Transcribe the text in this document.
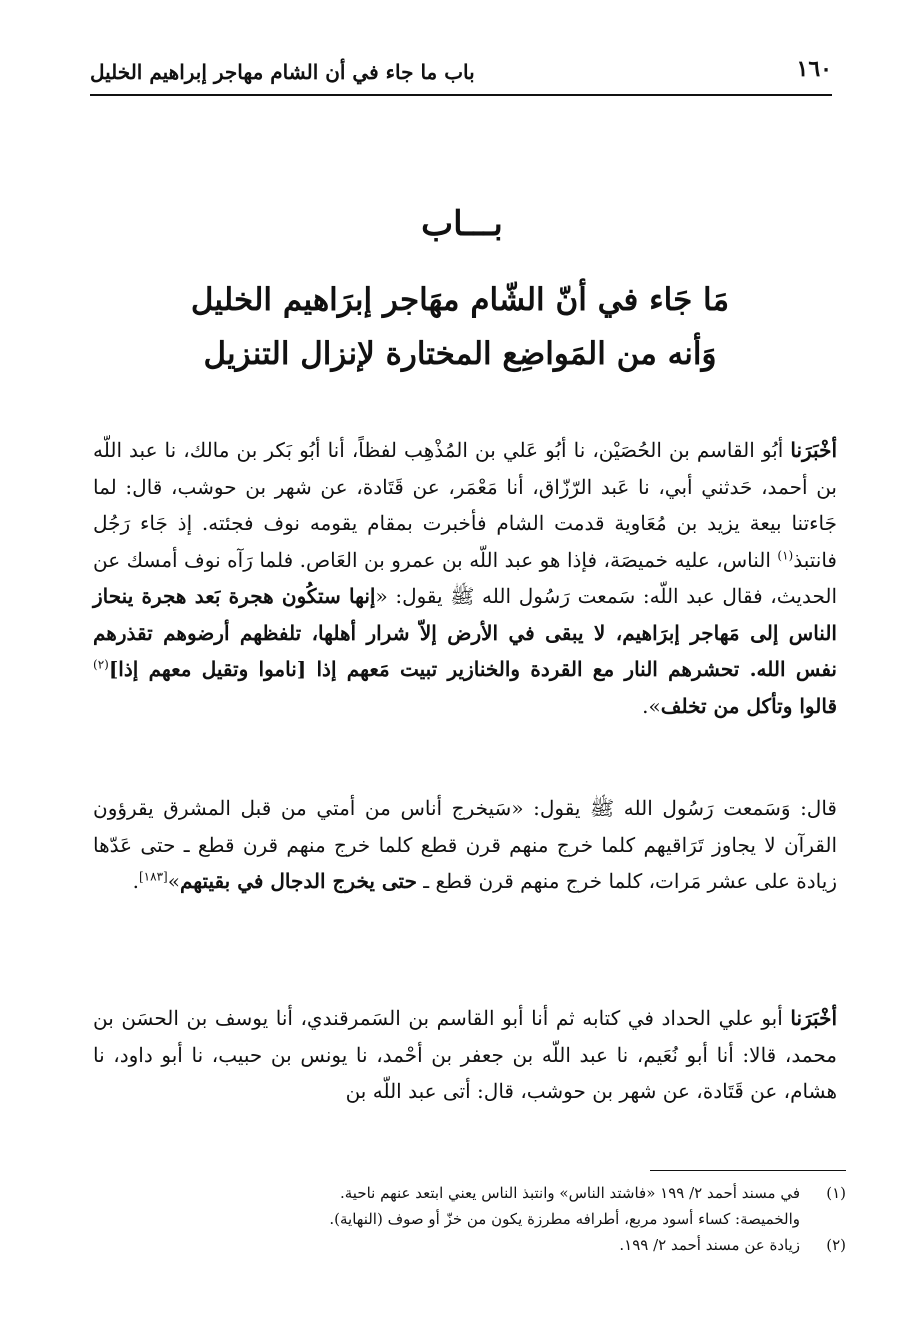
١٦٠
باب ما جاء في أن الشام مهاجر إبراهيم الخليل
بـــاب
مَا جَاء في أنّ الشّام مهَاجر إبرَاهيم الخليل
وَأنه من المَواضِع المختارة لإنزال التنزيل
أخْبَرَنا أبُو القاسم بن الحُصَيْن، نا أبُو عَلي بن المُذْهِب لفظاً، أنا أبُو بَكر بن مالك، نا عبد اللّه بن أحمد، حَدثني أبي، نا عَبد الرّزّاق، أنا مَعْمَر، عن قَتَادة، عن شهر بن حوشب، قال: لما جَاءتنا بيعة يزيد بن مُعَاوية قدمت الشام فأخبرت بمقام يقومه نوف فجئته. إذ جَاء رَجُل فانتبذ$^{(١)}$ الناس، عليه خميصَة، فإذا هو عبد اللّه بن عمرو بن العَاص. فلما رَآه نوف أمسك عن الحديث، فقال عبد اللّه: سَمعت رَسُول الله ﷺ يقول: «إنها ستكُون هجرة بَعد هجرة ينحاز الناس إلى مَهاجر إبرَاهيم، لا يبقى في الأرض إلاّ شرار أهلها، تلفظهم أرضوهم تقذرهم نفس الله. تحشرهم النار مع القردة والخنازير تبيت مَعهم إذا [ناموا وتقيل معهم إذا]$^{(٢)}$ قالوا وتأكل من تخلف».
قال: وَسَمعت رَسُول الله ﷺ يقول: «سَيخرج أناس من أمتي من قبل المشرق يقرؤون القرآن لا يجاوز تَرَاقيهم كلما خرج منهم قرن قطع كلما خرج منهم قرن قطع ـ حتى عَدّها زيادة على عشر مَرات، كلما خرج منهم قرن قطع ـ حتى يخرج الدجال في بقيتهم»[١٨٣].
أخْبَرَنا أبو علي الحداد في كتابه ثم أنا أبو القاسم بن السَمرقندي، أنا يوسف بن الحسَن بن محمد، قالا: أنا أبو نُعَيم، نا عبد اللّه بن جعفر بن أحْمد، نا يونس بن حبيب، نا أبو داود، نا هشام، عن قَتَادة، عن شهر بن حوشب، قال: أتى عبد اللّه بن
(١)في مسند أحمد ٢/ ١٩٩ «فاشتد الناس» وانتبذ الناس يعني ابتعد عنهم ناحية.
والخميصة: كساء أسود مربع، أطرافه مطرزة يكون من خزّ أو صوف (النهاية).
(٢)زيادة عن مسند أحمد ٢/ ١٩٩.
